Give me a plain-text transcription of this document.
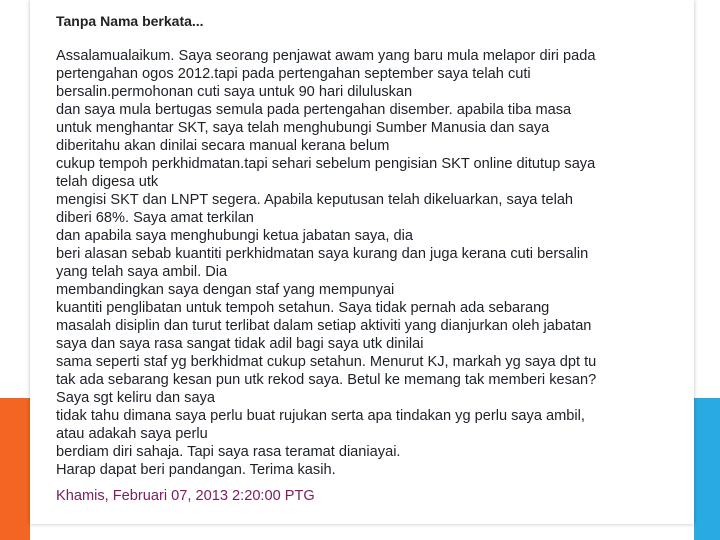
Tanpa Nama berkata...

Assalamualaikum. Saya seorang penjawat awam yang baru mula melapor diri pada

pertengahan ogos 2012.tapi pada pertengahan september saya telah cuti

bersalin.permohonan cuti saya untuk 90 hari diluluskan

dan saya mula bertugas semula pada pertengahan disember. apabila tiba masa

untuk menghantar SKT, saya telah menghubungi Sumber Manusia dan saya

diberitahu akan dinilai secara manual kerana belum

cukup tempoh perkhidmatan.tapi sehari sebelum pengisian SKT online ditutup saya

telah digesa utk

mengisi SKT dan LNPT segera. Apabila keputusan telah dikeluarkan, saya telah

diberi 68%. Saya amat terkilan

dan apabila saya menghubungi ketua jabatan saya, dia

beri alasan sebab kuantiti perkhidmatan saya kurang dan juga kerana cuti bersalin

yang telah saya ambil. Dia

membandingkan saya dengan staf yang mempunyai

kuantiti penglibatan untuk tempoh setahun. Saya tidak pernah ada sebarang

masalah disiplin dan turut terlibat dalam setiap aktiviti yang dianjurkan oleh jabatan

saya dan saya rasa sangat tidak adil bagi saya utk dinilai

sama seperti staf yg berkhidmat cukup setahun. Menurut KJ, markah yg saya dpt tu

tak ada sebarang kesan pun utk rekod saya. Betul ke memang tak memberi kesan?

Saya sgt keliru dan saya

tidak tahu dimana saya perlu buat rujukan serta apa tindakan yg perlu saya ambil,

atau adakah saya perlu

berdiam diri sahaja. Tapi saya rasa teramat dianiayai.

Harap dapat beri pandangan. Terima kasih.

Khamis, Februari 07, 2013 2:20:00 PTG
